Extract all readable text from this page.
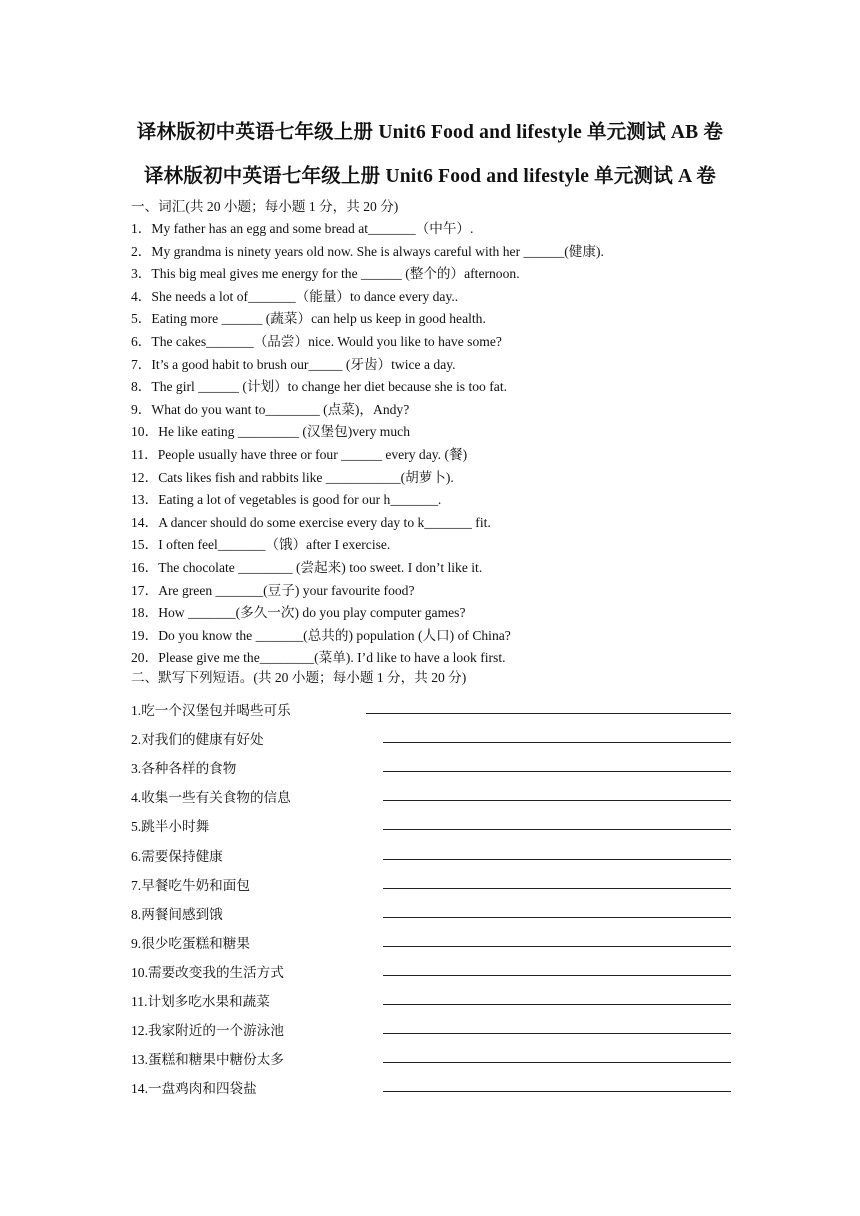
译林版初中英语七年级上册 Unit6 Food and lifestyle 单元测试 AB 卷
译林版初中英语七年级上册 Unit6 Food and lifestyle 单元测试 A 卷
一、词汇(共 20 小题；每小题 1 分，共 20 分)
1．My father has an egg and some bread at_______（中午）.
2．My grandma is ninety years old now. She is always careful with her ______(健康).
3．This big meal gives me energy for the ______ (整个的）afternoon.
4．She needs a lot of_______（能量）to dance every day..
5．Eating more ______ (蔬菜）can help us keep in good health.
6．The cakes_______（品尝）nice. Would you like to have some?
7．It’s a good habit to brush our_____ (牙齿）twice a day.
8．The girl ______ (计划）to change her diet because she is too fat.
9．What do you want to________ (点菜)，Andy?
10．He like eating _________ (汉堡包)very much
11．People usually have three or four ______ every day. (餐)
12．Cats likes fish and rabbits like ___________(胡萝卜).
13．Eating a lot of vegetables is good for our h_______.
14．A dancer should do some exercise every day to k_______ fit.
15．I often feel_______（饿）after I exercise.
16．The chocolate ________ (尝起来) too sweet. I don’t like it.
17．Are green _______(豆子) your favourite food?
18．How _______(多久一次) do you play computer games?
19．Do you know the _______(总共的) population (人口) of China?
20．Please give me the________(菜单). I’d like to have a look first.
二、默写下列短语。(共 20 小题；每小题 1 分，共 20 分)
1.吃一个汉堡包并喝些可乐
2.对我们的健康有好处
3.各种各样的食物
4.收集一些有关食物的信息
5.跳半小时舞
6.需要保持健康
7.早餐吃牛奶和面包
8.两餐间感到饿
9.很少吃蛋糕和糖果
10.需要改变我的生活方式
11.计划多吃水果和蔬菜
12.我家附近的一个游泳池
13.蛋糕和糖果中糖份太多
14.一盘鸡肉和四袋盐
